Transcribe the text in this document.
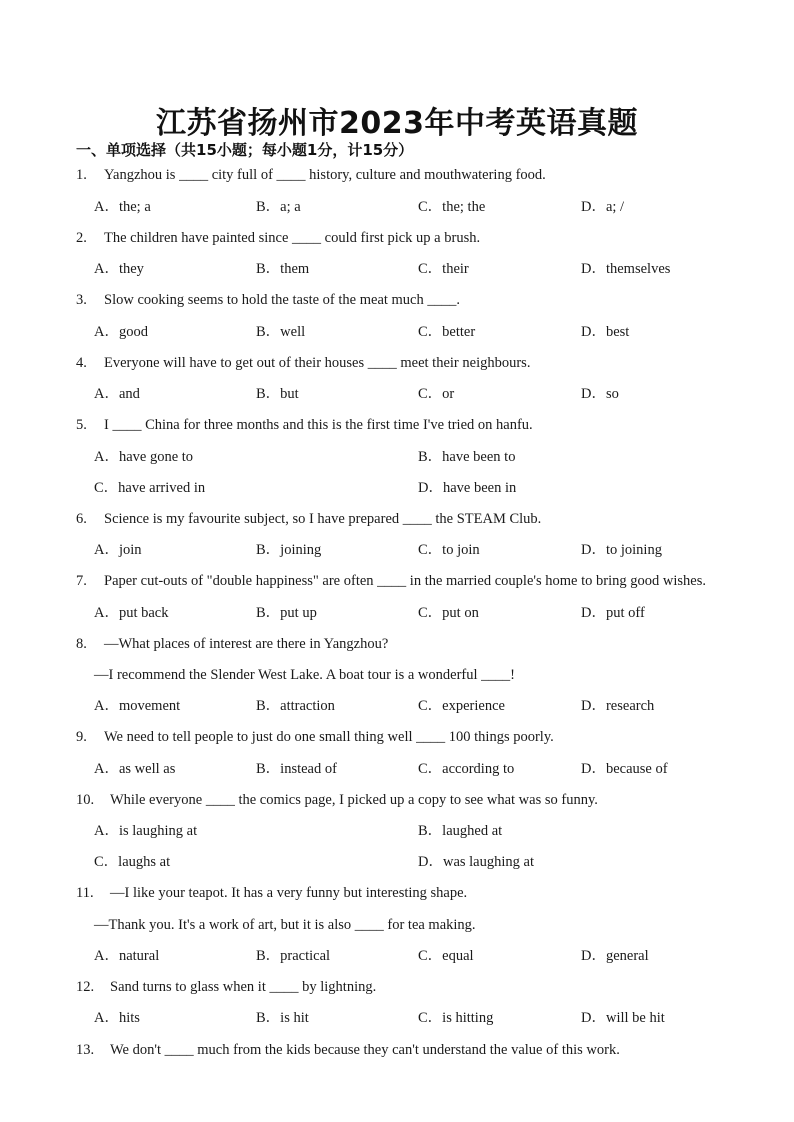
江苏省扬州市2023年中考英语真题
一、单项选择（共15小题；每小题1分，计15分）
1. Yangzhou is ____ city full of ____ history, culture and mouthwatering food.
A．the; a	B．a; a	C．the; the	D．a; /
2. The children have painted since ____ could first pick up a brush.
A．they	B．them	C．their	D．themselves
3. Slow cooking seems to hold the taste of the meat much ____.
A．good	B．well	C．better	D．best
4. Everyone will have to get out of their houses ____ meet their neighbours.
A．and	B．but	C．or	D．so
5. I ____ China for three months and this is the first time I've tried on hanfu.
A．have gone to	B．have been to
C．have arrived in	D．have been in
6. Science is my favourite subject, so I have prepared ____ the STEAM Club.
A．join	B．joining	C．to join	D．to joining
7. Paper cut-outs of "double happiness" are often ____ in the married couple's home to bring good wishes.
A．put back	B．put up	C．put on	D．put off
8. —What places of interest are there in Yangzhou?
—I recommend the Slender West Lake. A boat tour is a wonderful ____!
A．movement	B．attraction	C．experience	D．research
9. We need to tell people to just do one small thing well ____ 100 things poorly.
A．as well as	B．instead of	C．according to	D．because of
10. While everyone ____ the comics page, I picked up a copy to see what was so funny.
A．is laughing at	B．laughed at
C．laughs at	D．was laughing at
11. —I like your teapot. It has a very funny but interesting shape.
—Thank you. It's a work of art, but it is also ____ for tea making.
A．natural	B．practical	C．equal	D．general
12. Sand turns to glass when it ____ by lightning.
A．hits	B．is hit	C．is hitting	D．will be hit
13. We don't ____ much from the kids because they can't understand the value of this work.
